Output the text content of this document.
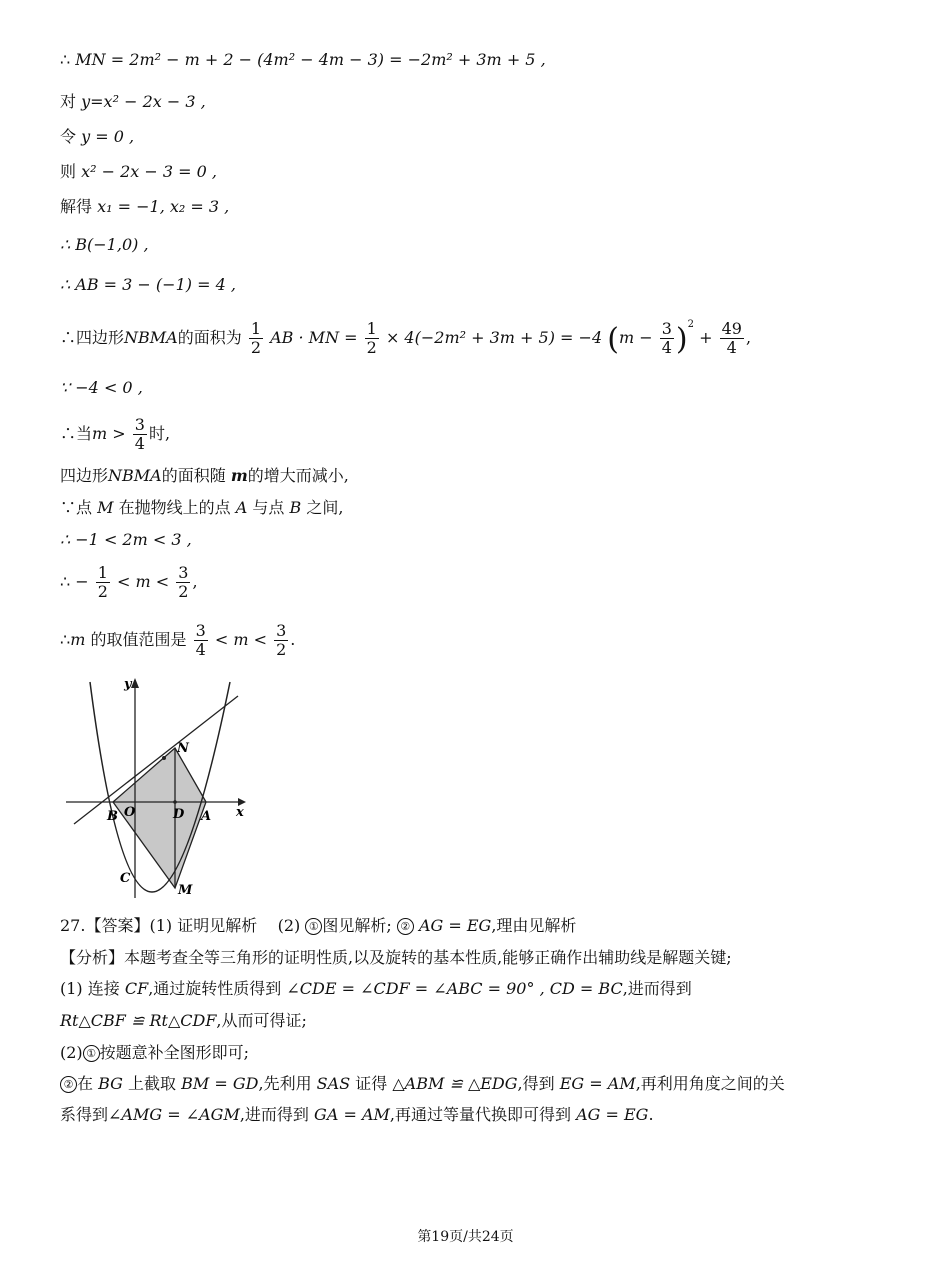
∴ MN = 2m² − m + 2 − (4m² − 4m − 3) = −2m² + 3m + 5 ,
对 y=x² − 2x − 3 ,
令 y = 0 ,
则 x² − 2x − 3 = 0 ,
解得 x₁ = −1, x₂ = 3 ,
∴ B(−1,0) ,
∴ AB = 3 − (−1) = 4 ,
∴四边形NBMA的面积为 $\frac{1}{2}$ AB · MN = $\frac{1}{2} \times 4(-2m^2 + 3m + 5) = -4$ $(m - \frac{3}{4} )^2 + \frac{49}{4}$ ,
∵ −4 < 0 ,
∴当$m > \frac{3}{4}$ 时,
四边形NBMA的面积随 m的增大而减小,
∵点 M 在抛物线上的点 A 与点 B 之间,
∴ −1 < 2m < 3 ,
∴ − $\frac{1}{2} < m < \frac{3}{2}$ ,
∴m 的取值范围是 $\frac{3}{4} < m < \frac{3}{2}$ .
y
x
N
B O	D A
C
M
27.【答案】(1) 证明见解析 (2) ① 图见解析; ② AG = EG,理由见解析
【分析】本题考查全等三角形的证明性质,以及旋转的基本性质,能够正确作出辅助线是解题关键;
(1) 连接 CF,通过旋转性质得到 ∠CDE = ∠CDF = ∠ABC = 90° , CD = BC,进而得到
Rt△CBF ≌ Rt△CDF,从而可得证;
(2) ① 按题意补全图形即可;
② 在 BG 上截取 BM = GD,先利用 SAS 证得 △ABM ≌ △EDG,得到 EG = AM,再利用角度之间的关
系得到∠AMG = ∠AGM,进而得到 GA = AM,再通过等量代换即可得到 AG = EG.
第19页/共24页
